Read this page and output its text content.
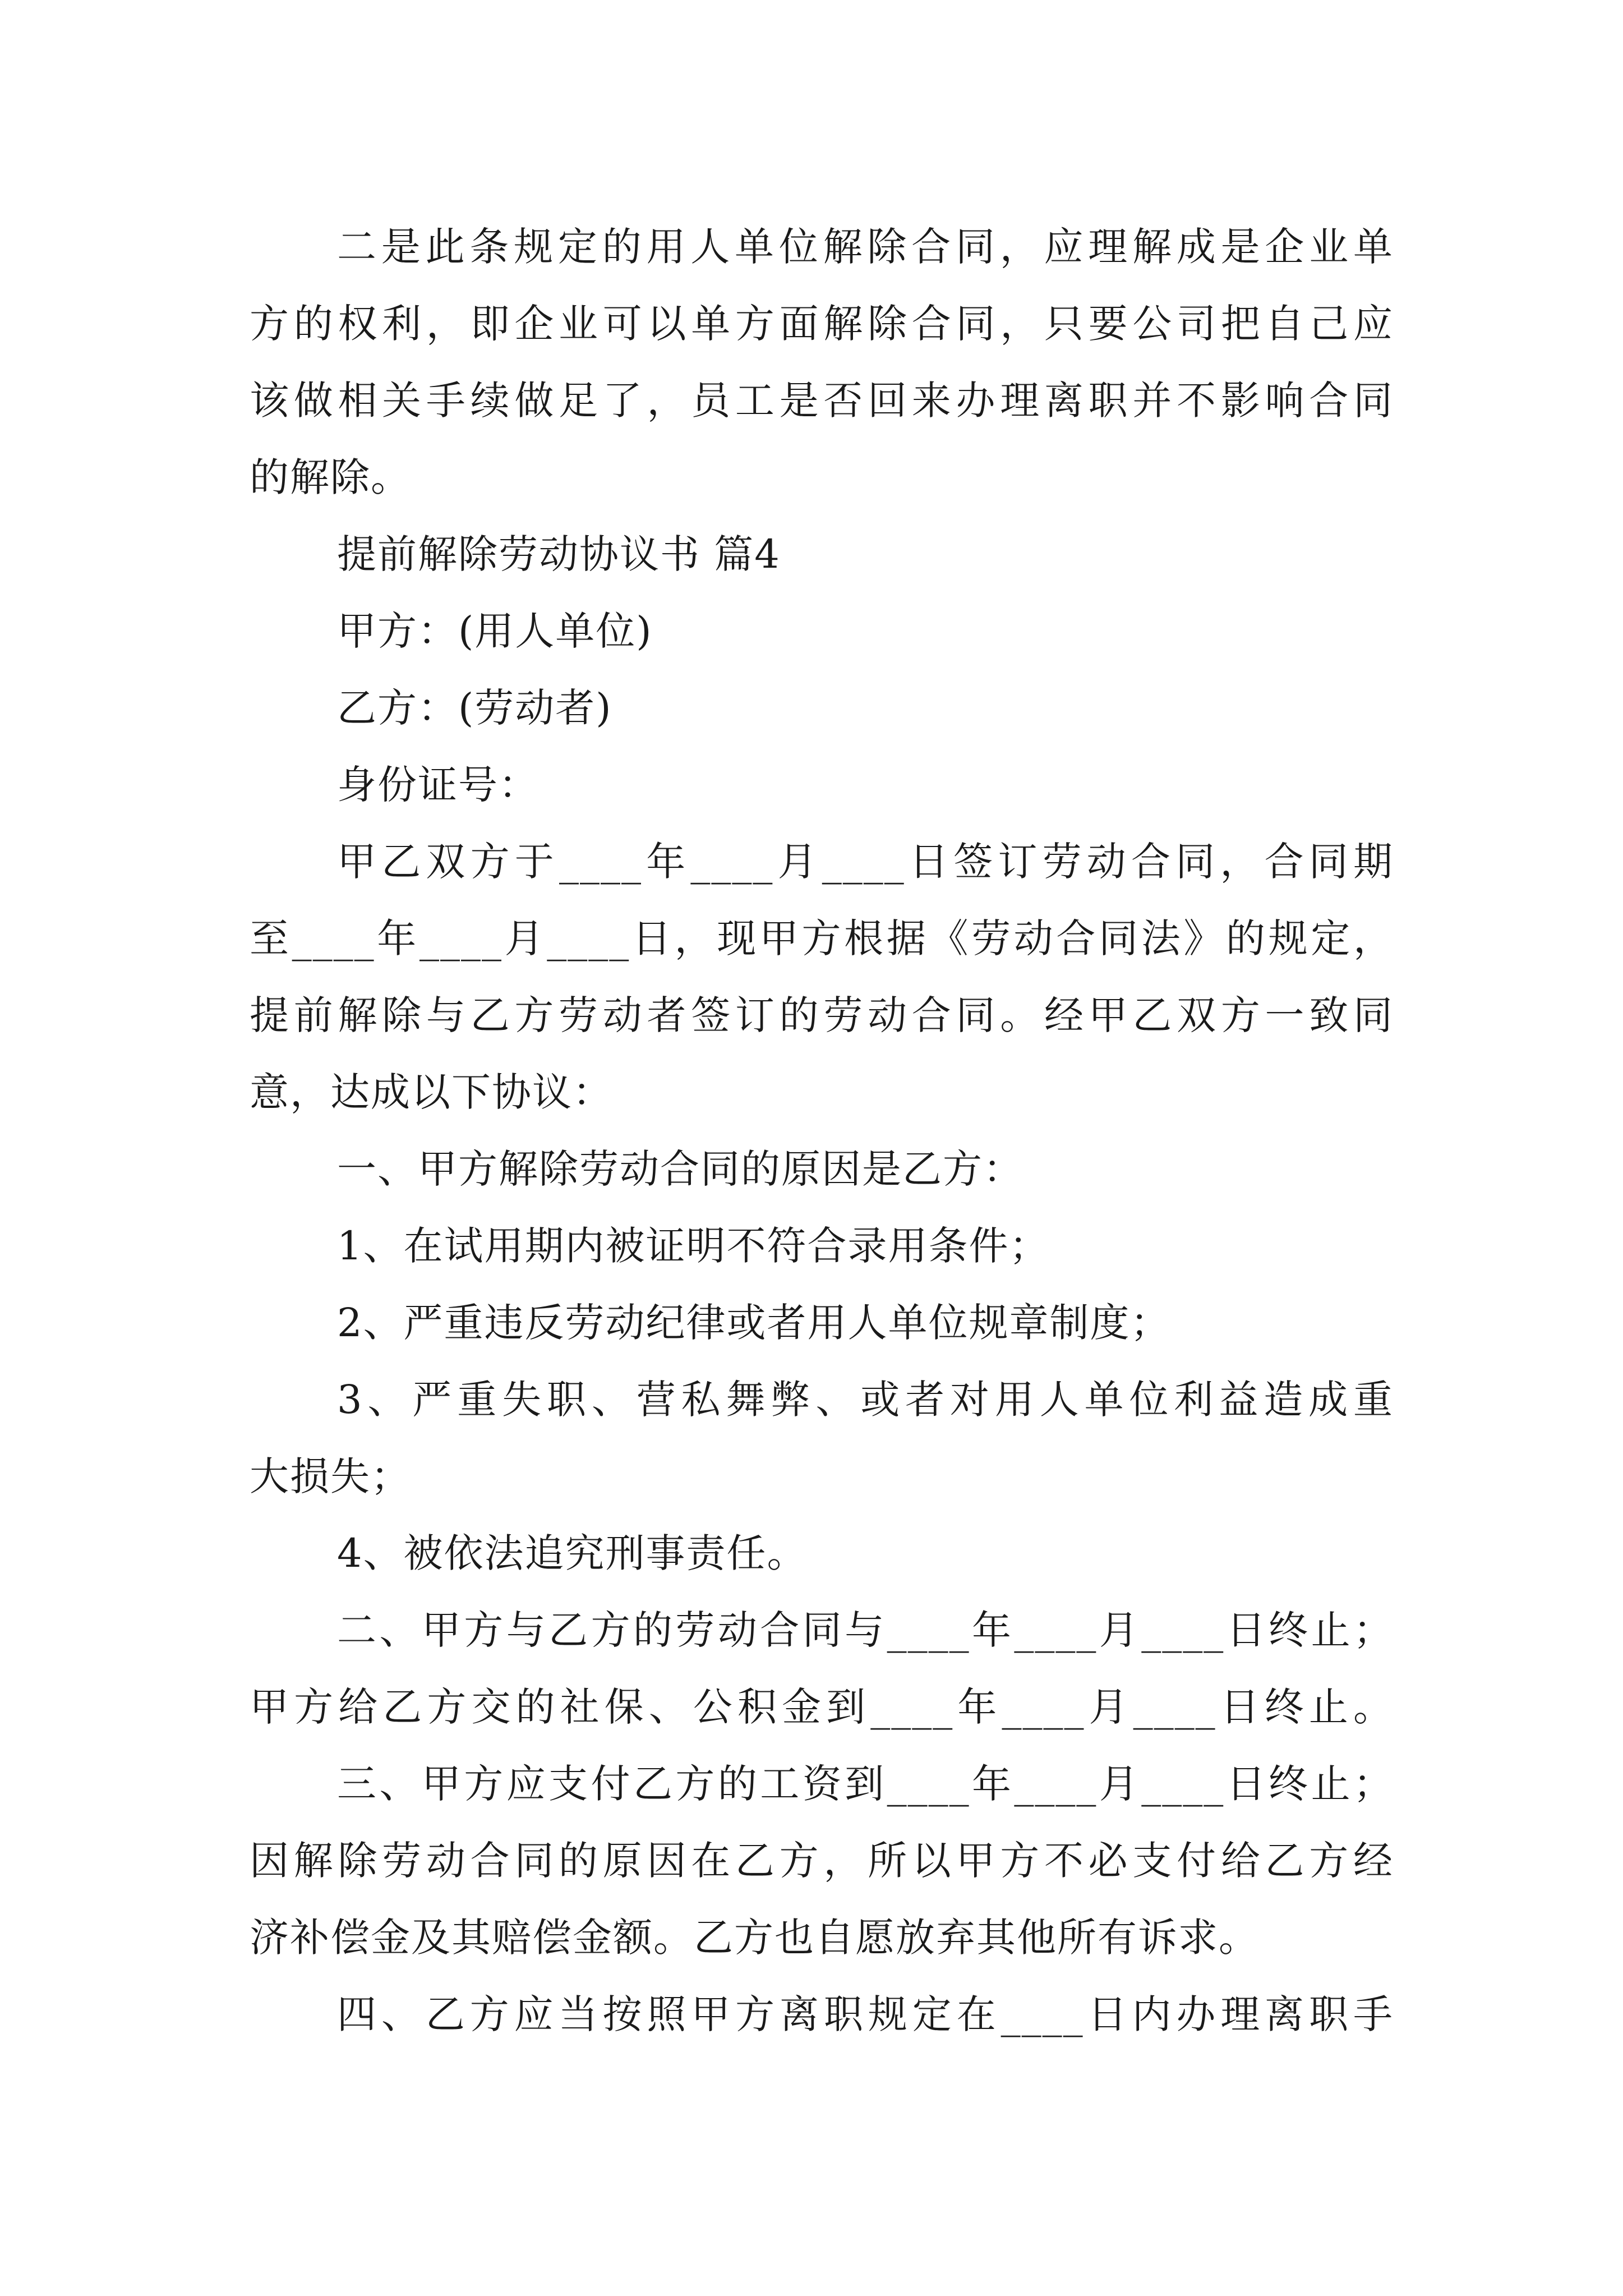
二是此条规定的用人单位解除合同，应理解成是企业单
方的权利，即企业可以单方面解除合同，只要公司把自己应
该做相关手续做足了，员工是否回来办理离职并不影响合同
的解除。
提前解除劳动协议书 篇4
甲方：(用人单位)
乙方：(劳动者)
身份证号：
甲乙双方于____年____月____日签订劳动合同，合同期
至____年____月____日，现甲方根据《劳动合同法》的规定，
提前解除与乙方劳动者签订的劳动合同。经甲乙双方一致同
意，达成以下协议：
一、甲方解除劳动合同的原因是乙方：
1、在试用期内被证明不符合录用条件；
2、严重违反劳动纪律或者用人单位规章制度；
3、严重失职、营私舞弊、或者对用人单位利益造成重
大损失；
4、被依法追究刑事责任。
二、甲方与乙方的劳动合同与____年____月____日终止；
甲方给乙方交的社保、公积金到____年____月____日终止。
三、甲方应支付乙方的工资到____年____月____日终止；
因解除劳动合同的原因在乙方，所以甲方不必支付给乙方经
济补偿金及其赔偿金额。乙方也自愿放弃其他所有诉求。
四、乙方应当按照甲方离职规定在____日内办理离职手
